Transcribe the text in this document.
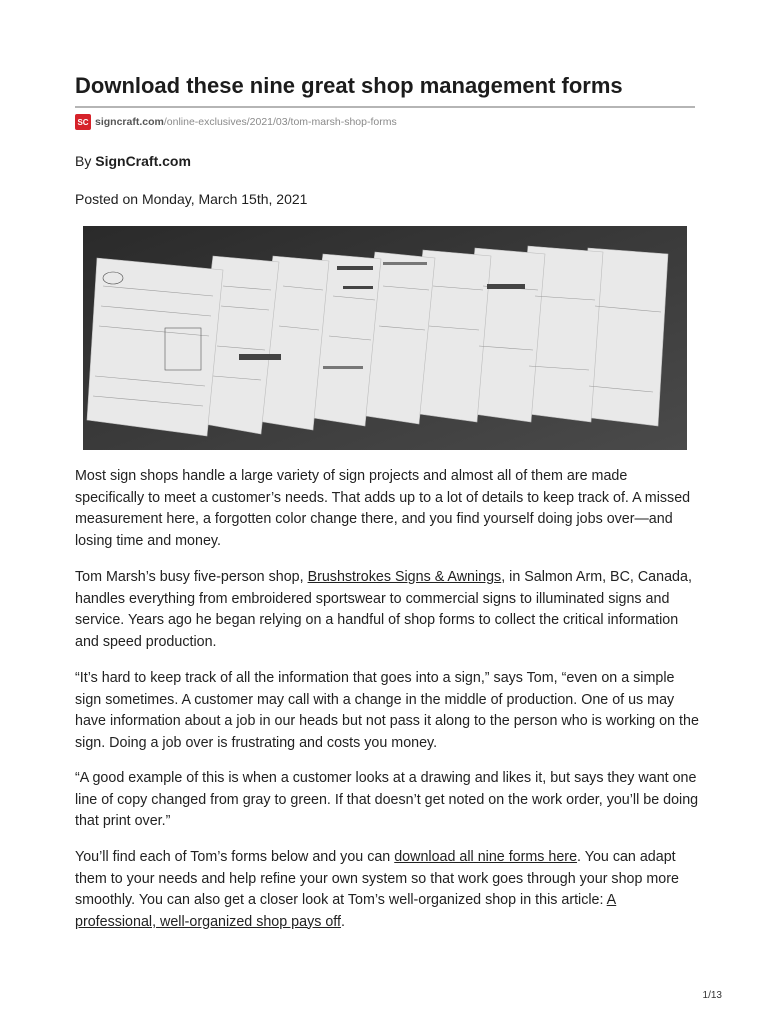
Download these nine great shop management forms
SC signcraft.com /online-exclusives/2021/03/tom-marsh-shop-forms
By SignCraft.com
Posted on Monday, March 15th, 2021

Most sign shops handle a large variety of sign projects and almost all of them are made specifically to meet a customer’s needs. That adds up to a lot of details to keep track of. A missed measurement here, a forgotten color change there, and you find yourself doing jobs over—and losing time and money.

Tom Marsh’s busy five-person shop, Brushstrokes Signs & Awnings, in Salmon Arm, BC, Canada, handles everything from embroidered sportswear to commercial signs to illuminated signs and service. Years ago he began relying on a handful of shop forms to collect the critical information and speed production.

“It’s hard to keep track of all the information that goes into a sign,” says Tom, “even on a simple sign sometimes. A customer may call with a change in the middle of production. One of us may have information about a job in our heads but not pass it along to the person who is working on the sign. Doing a job over is frustrating and costs you money.

“A good example of this is when a customer looks at a drawing and likes it, but says they want one line of copy changed from gray to green. If that doesn’t get noted on the work order, you’ll be doing that print over.”

You’ll find each of Tom’s forms below and you can download all nine forms here. You can adapt them to your needs and help refine your own system so that work goes through your shop more smoothly. You can also get a closer look at Tom’s well-organized shop in this article: A professional, well-organized shop pays off.

1/13
